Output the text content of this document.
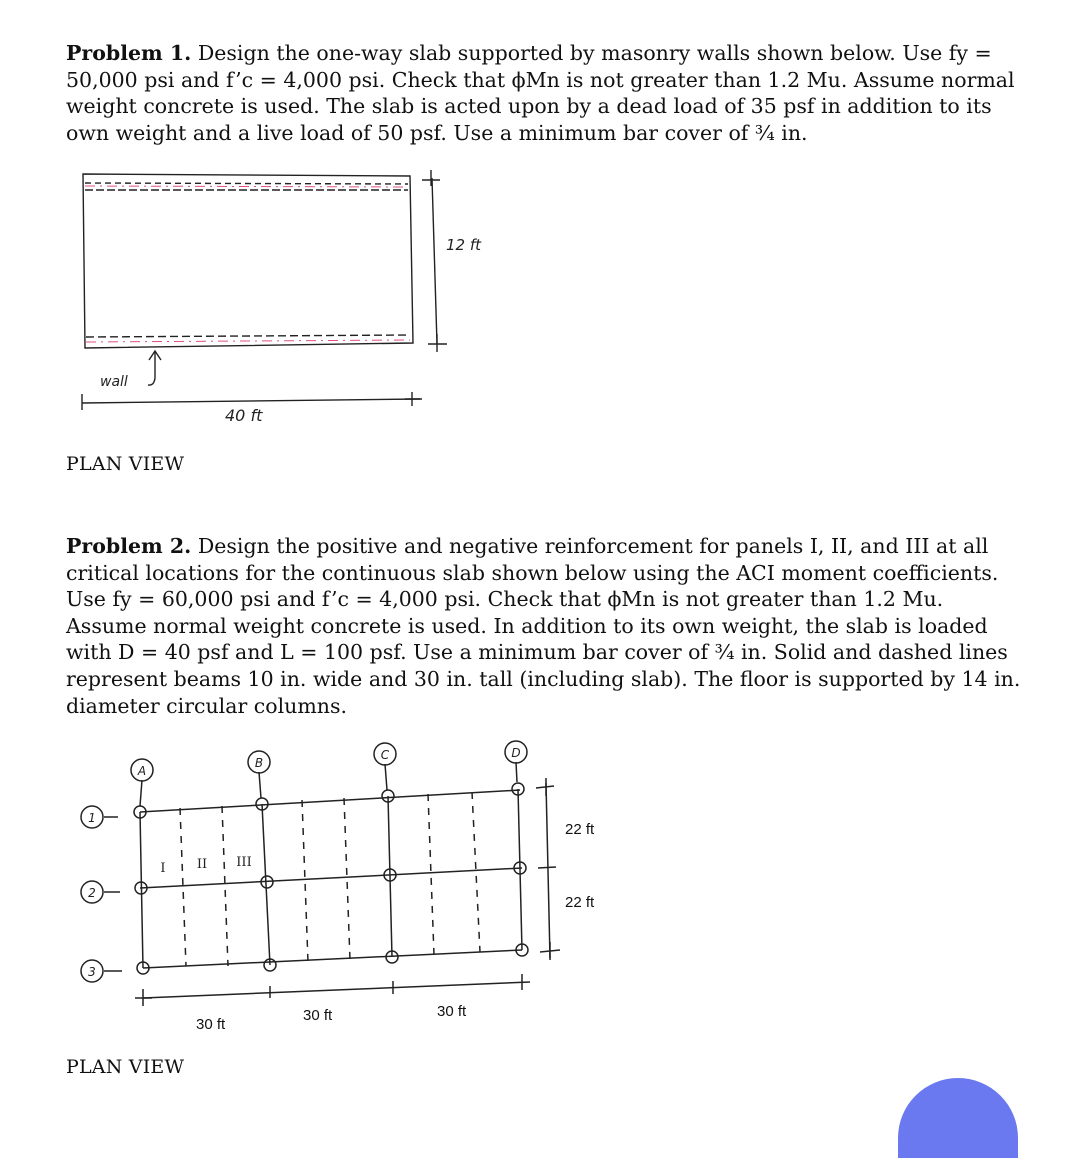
Problem 1. Design the one-way slab supported by masonry walls shown below. Use fy = 50,000 psi and f’c = 4,000 psi. Check that ϕMn is not greater than 1.2 Mu. Assume normal weight concrete is used. The slab is acted upon by a dead load of 35 psf in addition to its own weight and a live load of 50 psf. Use a minimum bar cover of ¾ in.
12 ft
40 ft
wall
PLAN VIEW
Problem 2. Design the positive and negative reinforcement for panels I, II, and III at all critical locations for the continuous slab shown below using the ACI moment coefficients. Use fy = 60,000 psi and f’c = 4,000 psi. Check that ϕMn is not greater than 1.2 Mu. Assume normal weight concrete is used. In addition to its own weight, the slab is loaded with D = 40 psf and L = 100 psf. Use a minimum bar cover of ¾ in. Solid and dashed lines represent beams 10 in. wide and 30 in. tall (including slab). The floor is supported by 14 in. diameter circular columns.
A
B
C	D
1
2
3
I II III
22 ft
22 ft
30 ft
30 ft	30 ft
PLAN VIEW
